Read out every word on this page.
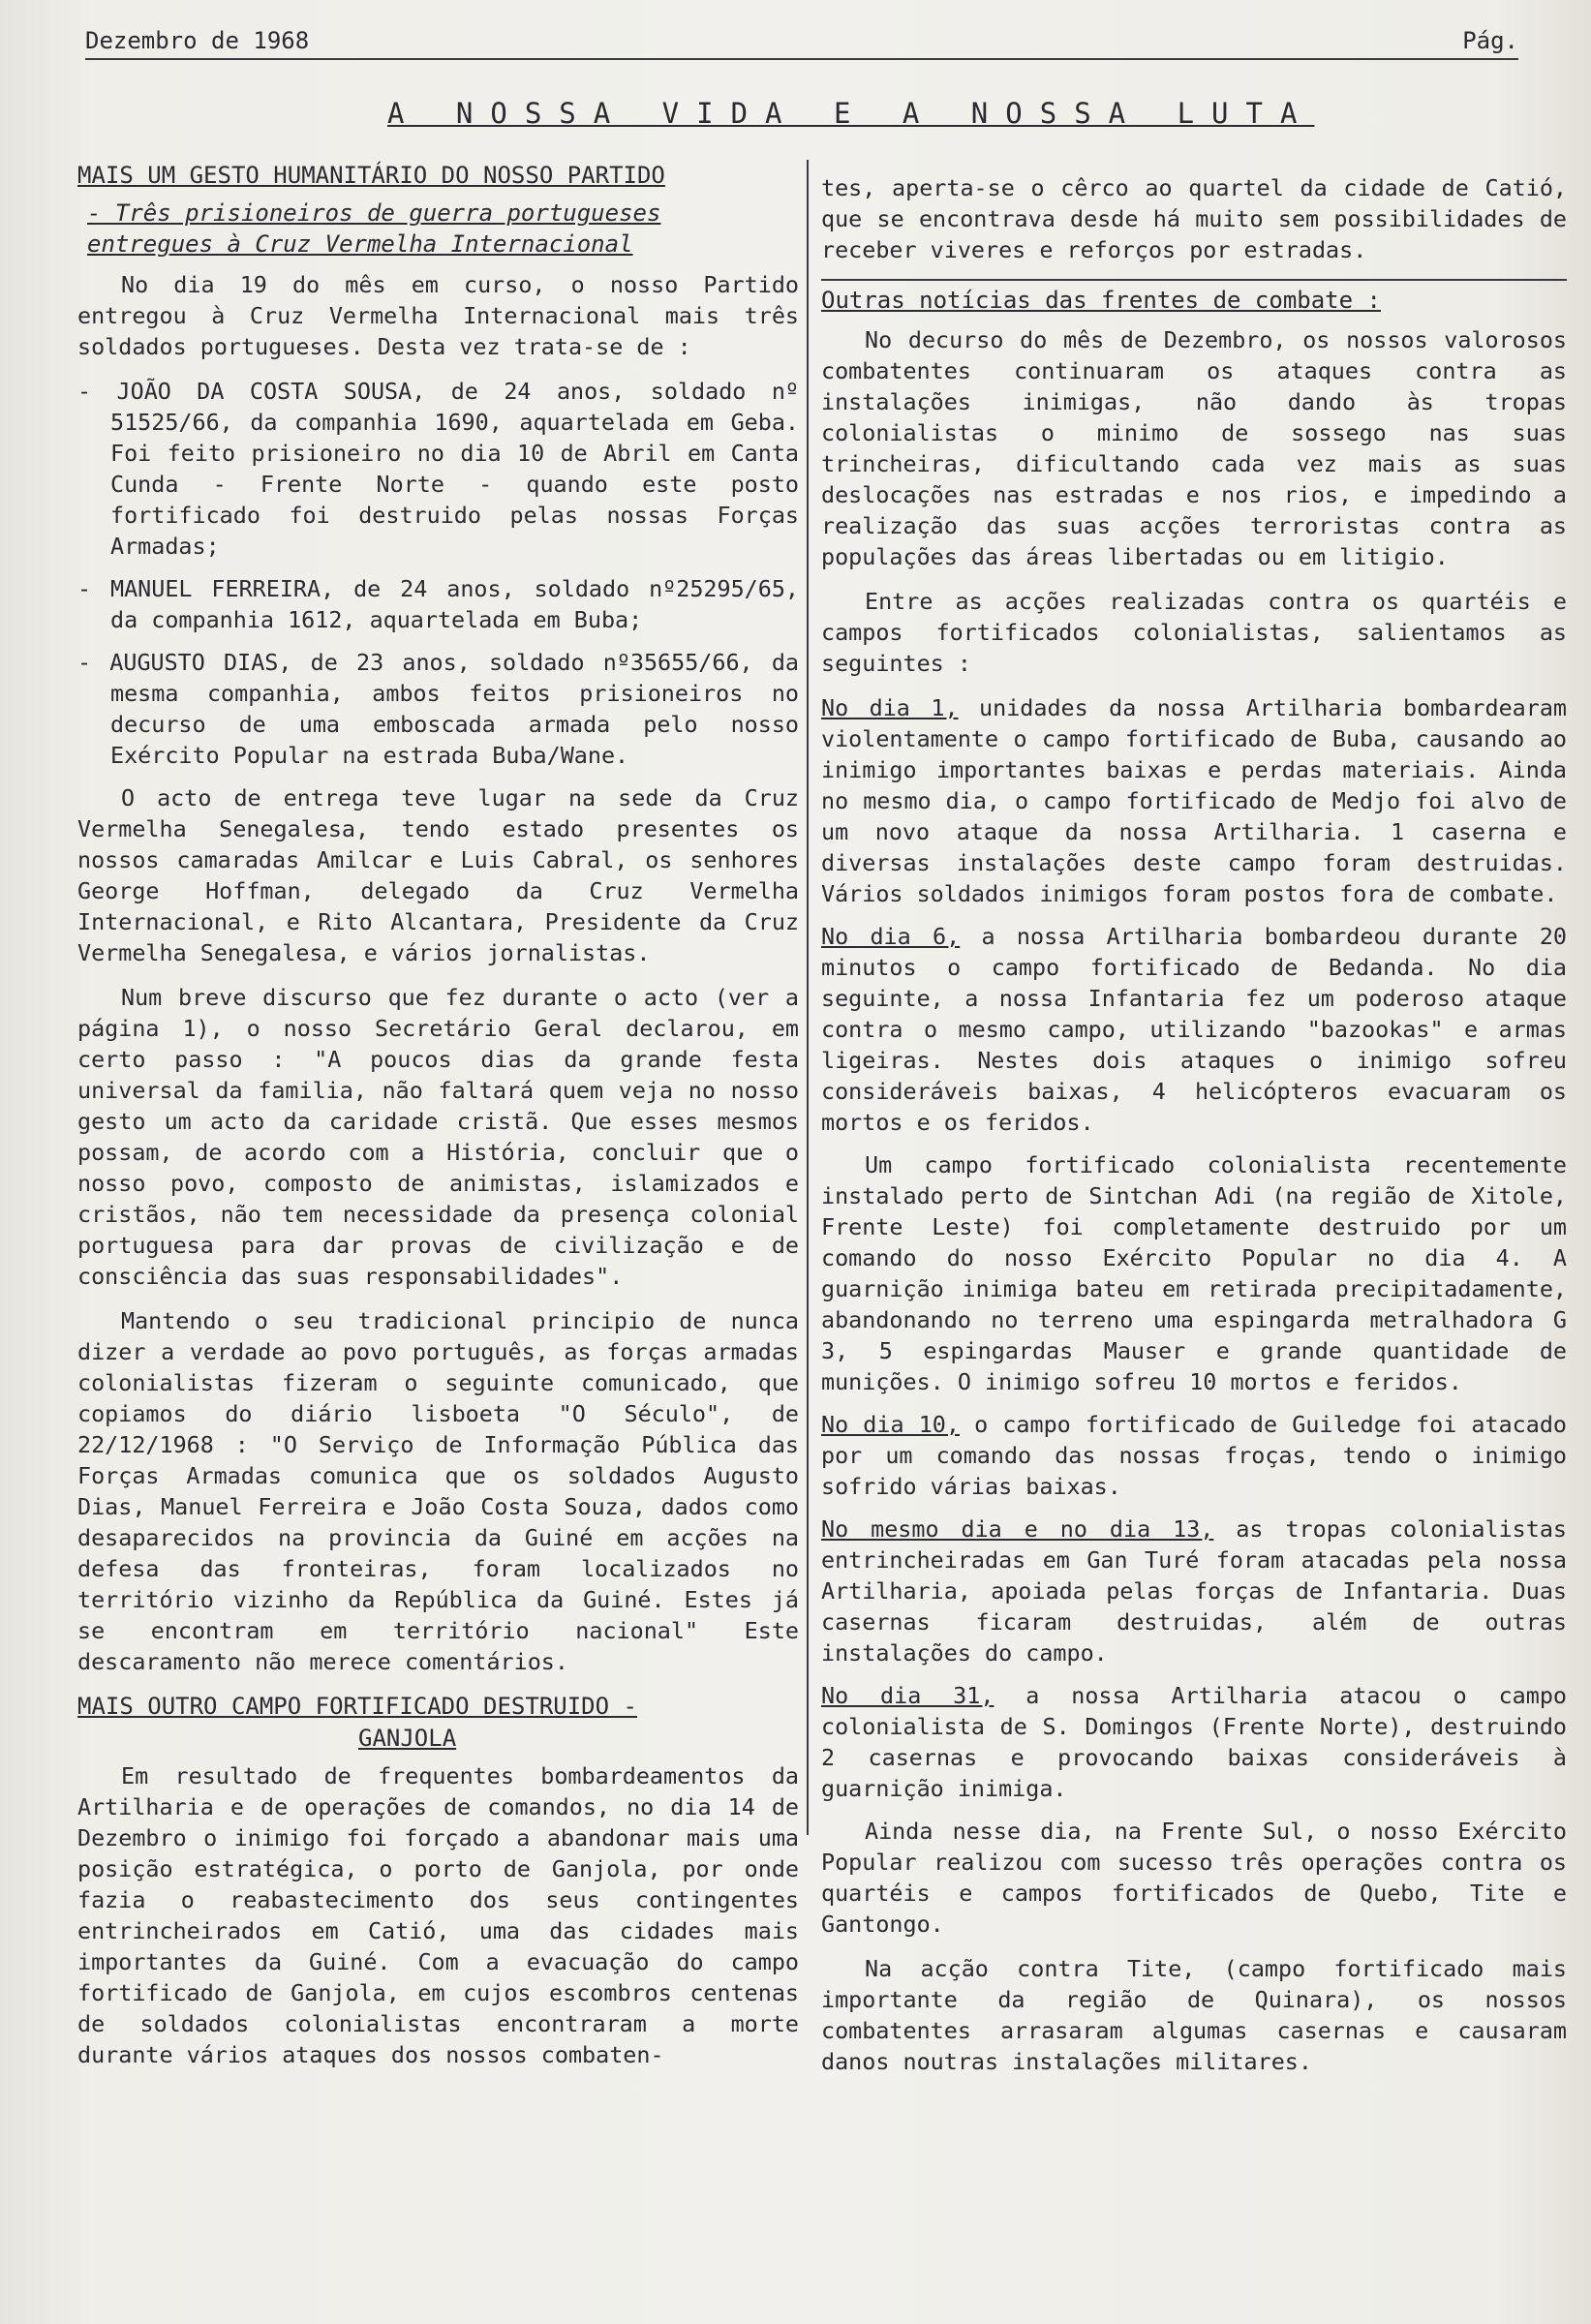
Dezembro de 1968	Pág.
A NOSSA VIDA E A NOSSA LUTA
MAIS UM GESTO HUMANITÁRIO DO NOSSO PARTIDO
- Três prisioneiros de guerra portugueses entregues à Cruz Vermelha Internacional

No dia 19 do mês em curso, o nosso Partido entregou à Cruz Vermelha Internacional mais três soldados portugueses. Desta vez trata-se de :

- JOÃO DA COSTA SOUSA, de 24 anos, soldado nº 51525/66, da companhia 1690, aquartelada em Geba. Foi feito prisioneiro no dia 10 de Abril em Canta Cunda - Frente Norte - quando este posto fortificado foi destruido pelas nossas Forças Armadas;

- MANUEL FERREIRA, de 24 anos, soldado nº25295/65, da companhia 1612, aquartelada em Buba;

- AUGUSTO DIAS, de 23 anos, soldado nº35655/66, da mesma companhia, ambos feitos prisioneiros no decurso de uma emboscada armada pelo nosso Exército Popular na estrada Buba/Wane.

O acto de entrega teve lugar na sede da Cruz Vermelha Senegalesa, tendo estado presentes os nossos camaradas Amilcar e Luis Cabral, os senhores George Hoffman, delegado da Cruz Vermelha Internacional, e Rito Alcantara, Presidente da Cruz Vermelha Senegalesa, e vários jornalistas.

Num breve discurso que fez durante o acto (ver a página 1), o nosso Secretário Geral declarou, em certo passo : "A poucos dias da grande festa universal da familia, não faltará quem veja no nosso gesto um acto da caridade cristã. Que esses mesmos possam, de acordo com a História, concluir que o nosso povo, composto de animistas, islamizados e cristãos, não tem necessidade da presença colonial portuguesa para dar provas de civilização e de consciência das suas responsabilidades".

Mantendo o seu tradicional principio de nunca dizer a verdade ao povo português, as forças armadas colonialistas fizeram o seguinte comunicado, que copiamos do diário lisboeta "O Século", de 22/12/1968 : "O Serviço de Informação Pública das Forças Armadas comunica que os soldados Augusto Dias, Manuel Ferreira e João Costa Souza, dados como desaparecidos na provincia da Guiné em acções na defesa das fronteiras, foram localizados no território vizinho da República da Guiné. Estes já se encontram em território nacional" Este descaramento não merece comentários.

MAIS OUTRO CAMPO FORTIFICADO DESTRUIDO -
GANJOLA

Em resultado de frequentes bombardeamentos da Artilharia e de operações de comandos, no dia 14 de Dezembro o inimigo foi forçado a abandonar mais uma posição estratégica, o porto de Ganjola, por onde fazia o reabastecimento dos seus contingentes entrincheirados em Catió, uma das cidades mais importantes da Guiné. Com a evacuação do campo fortificado de Ganjola, em cujos escombros centenas de soldados colonialistas encontraram a morte durante vários ataques dos nossos combaten-

tes, aperta-se o cêrco ao quartel da cidade de Catió, que se encontrava desde há muito sem possibilidades de receber viveres e reforços por estradas.

Outras notícias das frentes de combate :

No decurso do mês de Dezembro, os nossos valorosos combatentes continuaram os ataques contra as instalações inimigas, não dando às tropas colonialistas o minimo de sossego nas suas trincheiras, dificultando cada vez mais as suas deslocações nas estradas e nos rios, e impedindo a realização das suas acções terroristas contra as populações das áreas libertadas ou em litigio.

Entre as acções realizadas contra os quartéis e campos fortificados colonialistas, salientamos as seguintes :

No dia 1, unidades da nossa Artilharia bombardearam violentamente o campo fortificado de Buba, causando ao inimigo importantes baixas e perdas materiais. Ainda no mesmo dia, o campo fortificado de Medjo foi alvo de um novo ataque da nossa Artilharia. 1 caserna e diversas instalações deste campo foram destruidas. Vários soldados inimigos foram postos fora de combate.

No dia 6, a nossa Artilharia bombardeou durante 20 minutos o campo fortificado de Bedanda. No dia seguinte, a nossa Infantaria fez um poderoso ataque contra o mesmo campo, utilizando "bazookas" e armas ligeiras. Nestes dois ataques o inimigo sofreu consideráveis baixas, 4 helicópteros evacuaram os mortos e os feridos.

Um campo fortificado colonialista recentemente instalado perto de Sintchan Adi (na região de Xitole, Frente Leste) foi completamente destruido por um comando do nosso Exército Popular no dia 4. A guarnição inimiga bateu em retirada precipitadamente, abandonando no terreno uma espingarda metralhadora G 3, 5 espingardas Mauser e grande quantidade de munições. O inimigo sofreu 10 mortos e feridos.

No dia 10, o campo fortificado de Guiledge foi atacado por um comando das nossas froças, tendo o inimigo sofrido várias baixas.

No mesmo dia e no dia 13, as tropas colonialistas entrincheiradas em Gan Turé foram atacadas pela nossa Artilharia, apoiada pelas forças de Infantaria. Duas casernas ficaram destruidas, além de outras instalações do campo.

No dia 31, a nossa Artilharia atacou o campo colonialista de S. Domingos (Frente Norte), destruindo 2 casernas e provocando baixas consideráveis à guarnição inimiga.

Ainda nesse dia, na Frente Sul, o nosso Exército Popular realizou com sucesso três operações contra os quartéis e campos fortificados de Quebo, Tite e Gantongo.

Na acção contra Tite, (campo fortificado mais importante da região de Quinara), os nossos combatentes arrasaram algumas casernas e causaram danos noutras instalações militares.
